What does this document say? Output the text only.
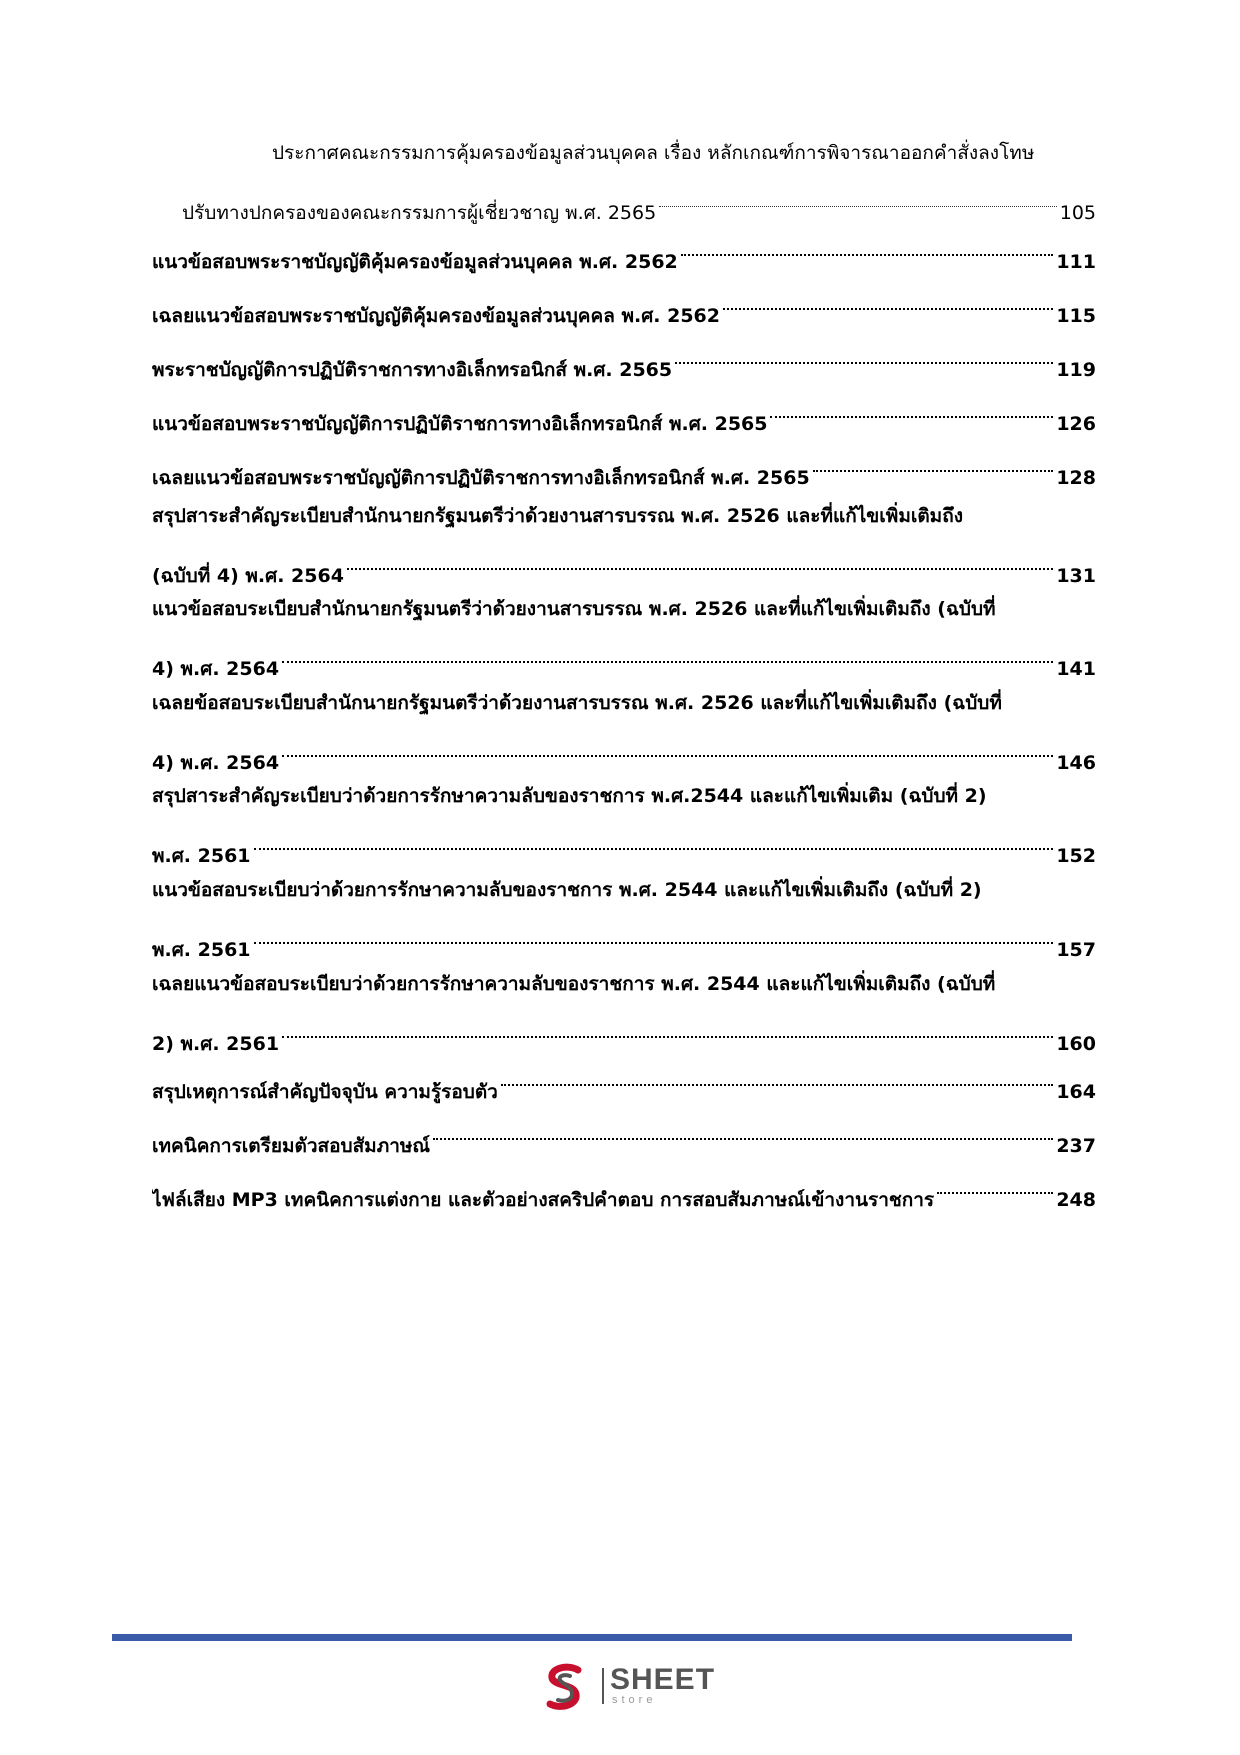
ประกาศคณะกรรมการคุ้มครองข้อมูลส่วนบุคคล เรื่อง หลักเกณฑ์การพิจารณาออกคำสั่งลงโทษ
ปรับทางปกครองของคณะกรรมการผู้เชี่ยวชาญ พ.ศ. 2565	105
แนวข้อสอบพระราชบัญญัติคุ้มครองข้อมูลส่วนบุคคล พ.ศ. 2562	111
เฉลยแนวข้อสอบพระราชบัญญัติคุ้มครองข้อมูลส่วนบุคคล พ.ศ. 2562	115
พระราชบัญญัติการปฏิบัติราชการทางอิเล็กทรอนิกส์ พ.ศ. 2565	119
แนวข้อสอบพระราชบัญญัติการปฏิบัติราชการทางอิเล็กทรอนิกส์ พ.ศ. 2565	126
เฉลยแนวข้อสอบพระราชบัญญัติการปฏิบัติราชการทางอิเล็กทรอนิกส์ พ.ศ. 2565	128
สรุปสาระสำคัญระเบียบสำนักนายกรัฐมนตรีว่าด้วยงานสารบรรณ พ.ศ. 2526 และที่แก้ไขเพิ่มเติมถึง
(ฉบับที่ 4) พ.ศ. 2564	131
แนวข้อสอบระเบียบสำนักนายกรัฐมนตรีว่าด้วยงานสารบรรณ พ.ศ. 2526 และที่แก้ไขเพิ่มเติมถึง (ฉบับที่
4) พ.ศ. 2564	141
เฉลยข้อสอบระเบียบสำนักนายกรัฐมนตรีว่าด้วยงานสารบรรณ พ.ศ. 2526 และที่แก้ไขเพิ่มเติมถึง (ฉบับที่
4) พ.ศ. 2564	146
สรุปสาระสำคัญระเบียบว่าด้วยการรักษาความลับของราชการ พ.ศ.2544 และแก้ไขเพิ่มเติม (ฉบับที่ 2)
พ.ศ. 2561	152
แนวข้อสอบระเบียบว่าด้วยการรักษาความลับของราชการ พ.ศ. 2544 และแก้ไขเพิ่มเติมถึง (ฉบับที่ 2)
พ.ศ. 2561	157
เฉลยแนวข้อสอบระเบียบว่าด้วยการรักษาความลับของราชการ พ.ศ. 2544 และแก้ไขเพิ่มเติมถึง (ฉบับที่
2) พ.ศ. 2561	160
สรุปเหตุการณ์สำคัญปัจจุบัน ความรู้รอบตัว	164
เทคนิคการเตรียมตัวสอบสัมภาษณ์	237
ไฟล์เสียง MP3 เทคนิคการแต่งกาย และตัวอย่างสคริปคำตอบ การสอบสัมภาษณ์เข้างานราชการ	248
SHEET
store
